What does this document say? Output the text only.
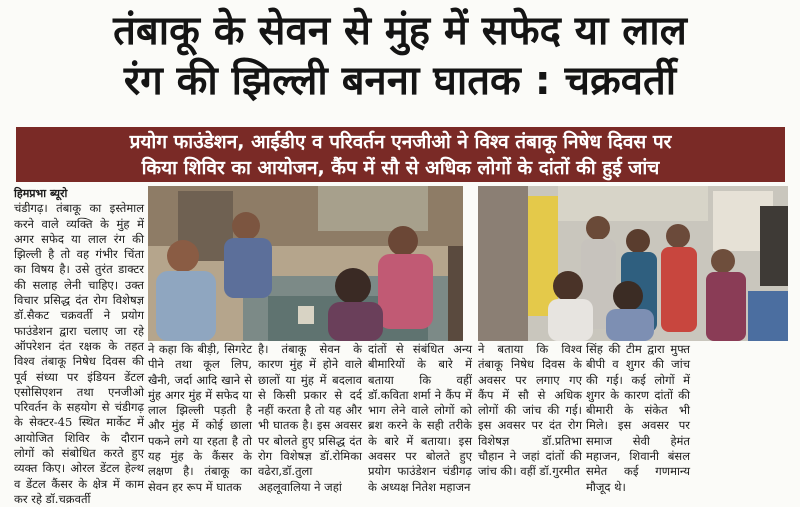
तंबाकू के सेवन से मुंह में सफेद या लाल
रंग की झिल्ली बनना घातक : चक्रवर्ती
प्रयोग फाउंडेशन, आईडीए व परिवर्तन एनजीओ ने विश्व तंबाकू निषेध दिवस पर
किया शिविर का आयोजन, कैंप में सौ से अधिक लोगों के दांतों की हुई जांच
हिमप्रभा ब्यूरो
चंडीगढ़। तंबाकू का इस्तेमाल करने वाले व्यक्ति के मुंह में अगर सफेद या लाल रंग की झिल्ली है तो वह गंभीर चिंता का विषय है। उसे तुरंत डाक्टर की सलाह लेनी चाहिए। उक्त विचार प्रसिद्ध दंत रोग विशेषज्ञ डॉ.सैकट चक्रवर्ती ने प्रयोग फाउंडेशन द्वारा चलाए जा रहे ऑपरेशन दंत रक्षक के तहत विश्व तंबाकू निषेध दिवस की पूर्व संध्या पर इंडियन डेंटल एसोसिएशन तथा एनजीओ परिवर्तन के सहयोग से चंडीगढ़ के सेक्टर-45 स्थित मार्केट में आयोजित शिविर के दौरान लोगों को संबोधित करते हुए व्यक्त किए। ओरल डेंटल हेल्थ व डेंटल कैंसर के क्षेत्र में काम कर रहे डॉ.चक्रवर्ती
ने कहा कि बीड़ी, सिगरेट पीने तथा कूल लिप, खैनी, जर्दा आदि खाने से मुंह अगर मुंह में सफेद या लाल झिल्ली पड़ती है और मुंह में कोई छाला पकने लगे या रहता है तो यह मुंह के कैंसर के लक्षण है। तंबाकू का सेवन हर रूप में घातक
है। तंबाकू सेवन के कारण मुंह में होने वाले छालों या मुंह में बदलाव से किसी प्रकार से दर्द नहीं करता है तो यह और भी घातक है। इस अवसर पर बोलते हुए प्रसिद्ध दंत रोग विशेषज्ञ डॉ.रोमिका वढेरा,डॉ.तुला अहलूवालिया ने जहां
दांतों से संबंधित अन्य बीमारियों के बारे में बताया कि वहीं डॉ.कविता शर्मा ने कैंप में भाग लेने वाले लोगों को ब्रश करने के सही तरीके के बारे में बताया। इस अवसर पर बोलते हुए प्रयोग फाउंडेशन चंडीगढ़ के अध्यक्ष नितेश महाजन
ने बताया कि विश्व तंबाकू निषेध दिवस के अवसर पर लगाए गए कैंप में सौ से अधिक लोगों की जांच की गई। इस अवसर पर दंत रोग विशेषज्ञ डॉ.प्रतिभा चौहान ने जहां दांतों की जांच की। वहीं डॉ.गुरमीत
सिंह की टीम द्वारा मुफ्त बीपी व शुगर की जांच की गई। कई लोगों में शुगर के कारण दांतों की बीमारी के संकेत भी मिले। इस अवसर पर समाज सेवी हेमंत महाजन, शिवानी बंसल समेत कई गणमान्य मौजूद थे।
